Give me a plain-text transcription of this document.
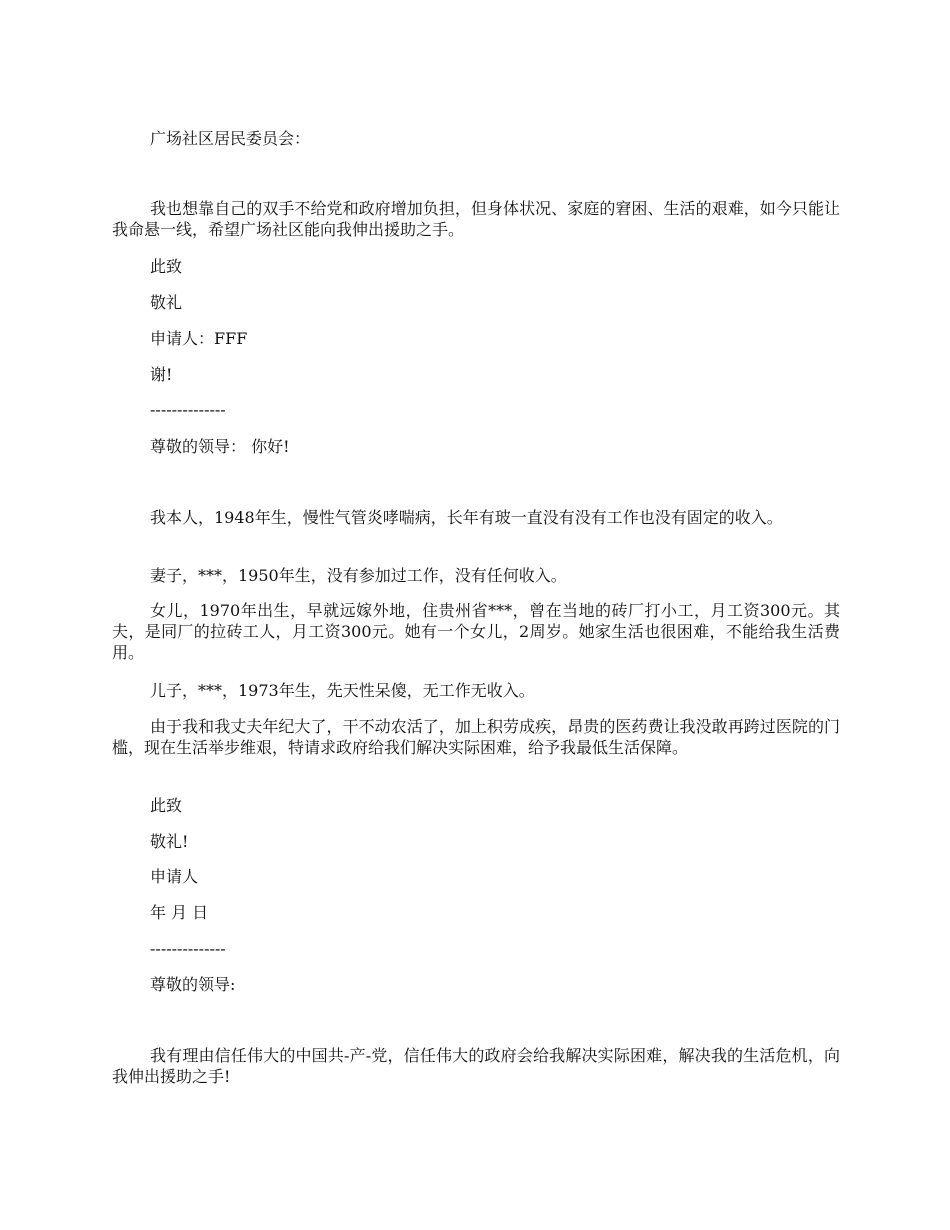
广场社区居民委员会：

我也想靠自己的双手不给党和政府增加负担，但身体状况、家庭的窘困、生活的艰难，如今只能让我命悬一线，希望广场社区能向我伸出援助之手。

此致

敬礼

申请人：FFF

谢!

--------------

尊敬的领导： 你好!

我本人，1948年生，慢性气管炎哮喘病，长年有玻一直没有没有工作也没有固定的收入。

妻子，***，1950年生，没有参加过工作，没有任何收入。

女儿，1970年出生，早就远嫁外地，住贵州省***，曾在当地的砖厂打小工，月工资300元。其夫，是同厂的拉砖工人，月工资300元。她有一个女儿，2周岁。她家生活也很困难，不能给我生活费用。

儿子，***，1973年生，先天性呆傻，无工作无收入。

由于我和我丈夫年纪大了，干不动农活了，加上积劳成疾，昂贵的医药费让我没敢再跨过医院的门槛，现在生活举步维艰，特请求政府给我们解决实际困难，给予我最低生活保障。

此致

敬礼!

申请人

年 月 日

--------------

尊敬的领导:

我有理由信任伟大的中国共-产-党，信任伟大的政府会给我解决实际困难，解决我的生活危机，向我伸出援助之手!
